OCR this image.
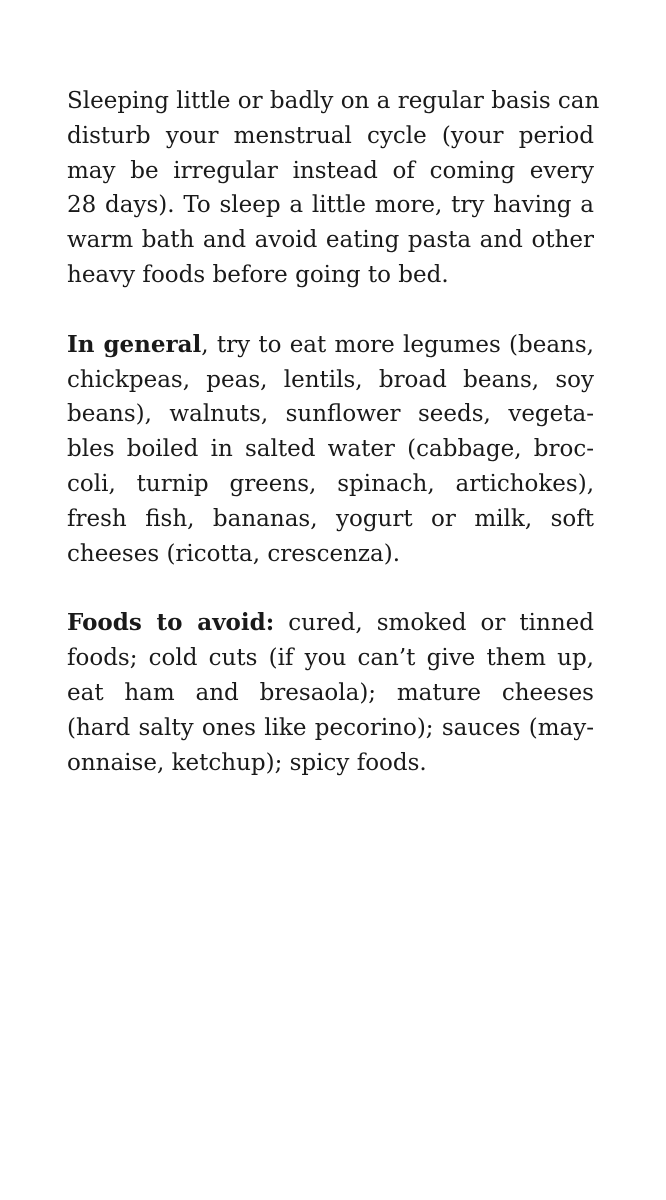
Sleeping little or badly on a regular basis can
disturb your menstrual cycle (your period
may be irregular instead of coming every
28 days). To sleep a little more, try having a
warm bath and avoid eating pasta and other
heavy foods before going to bed.

In general, try to eat more legumes (beans,
chickpeas, peas, lentils, broad beans, soy
beans), walnuts, sunflower seeds, vegeta-
bles boiled in salted water (cabbage, broc-
coli, turnip greens, spinach, artichokes),
fresh fish, bananas, yogurt or milk, soft
cheeses (ricotta, crescenza).

Foods to avoid: cured, smoked or tinned
foods; cold cuts (if you can’t give them up,
eat ham and bresaola); mature cheeses
(hard salty ones like pecorino); sauces (may-
onnaise, ketchup); spicy foods.
